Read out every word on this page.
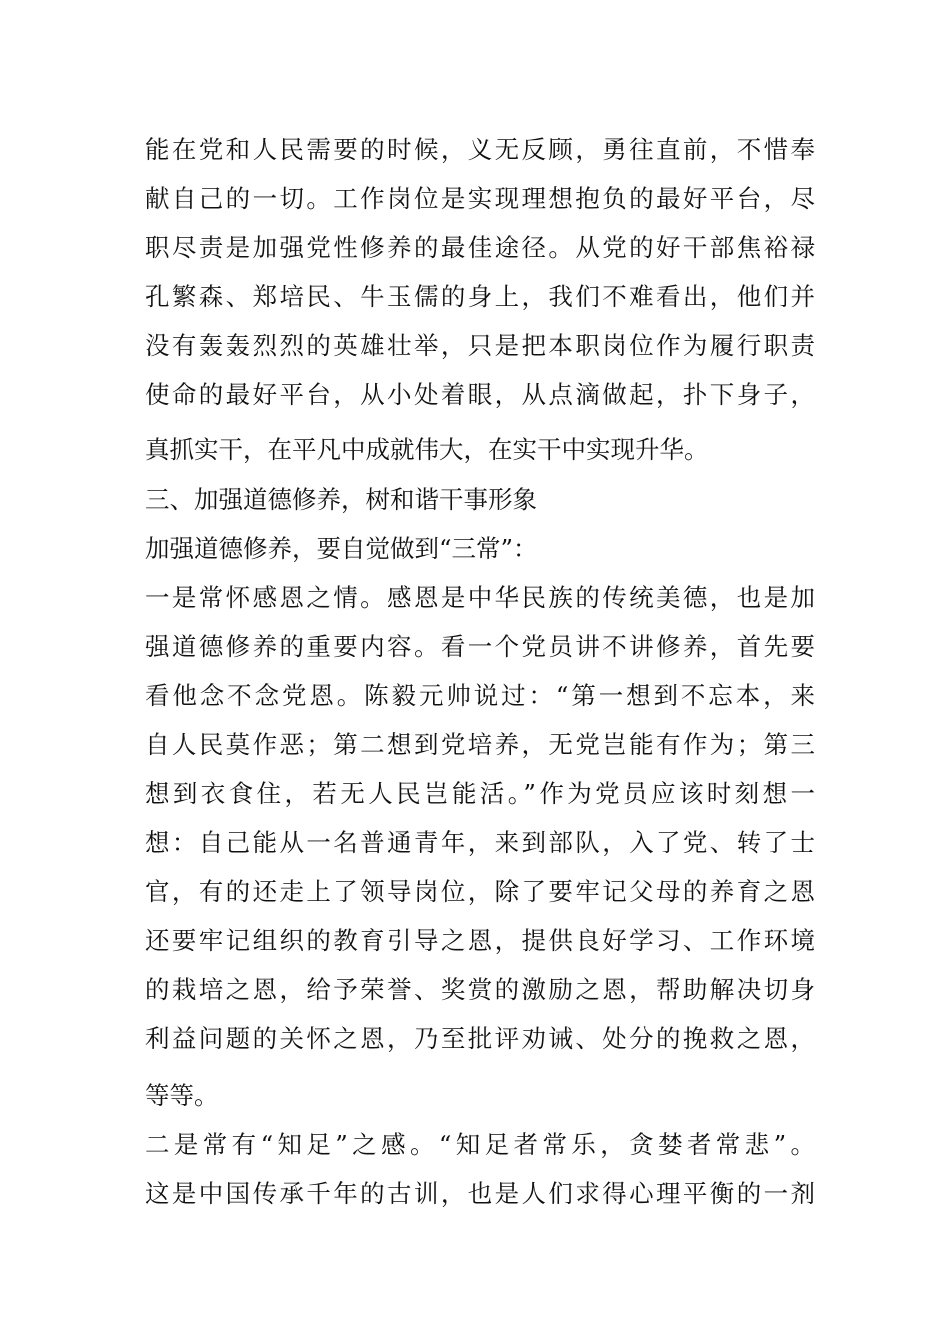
能在党和人民需要的时候，义无反顾，勇往直前，不惜奉
献自己的一切。工作岗位是实现理想抱负的最好平台，尽
职尽责是加强党性修养的最佳途径。从党的好干部焦裕禄
孔繁森、郑培民、牛玉儒的身上，我们不难看出，他们并
没有轰轰烈烈的英雄壮举，只是把本职岗位作为履行职责
使命的最好平台，从小处着眼，从点滴做起，扑下身子，
真抓实干，在平凡中成就伟大，在实干中实现升华。
三、加强道德修养，树和谐干事形象
加强道德修养，要自觉做到“三常”：
一是常怀感恩之情。感恩是中华民族的传统美德，也是加
强道德修养的重要内容。看一个党员讲不讲修养，首先要
看他念不念党恩。陈毅元帅说过：“第一想到不忘本，来
自人民莫作恶；第二想到党培养，无党岂能有作为；第三
想到衣食住，若无人民岂能活。”作为党员应该时刻想一
想：自己能从一名普通青年，来到部队，入了党、转了士
官，有的还走上了领导岗位，除了要牢记父母的养育之恩
还要牢记组织的教育引导之恩，提供良好学习、工作环境
的栽培之恩，给予荣誉、奖赏的激励之恩，帮助解决切身
利益问题的关怀之恩，乃至批评劝诫、处分的挽救之恩，
等等。
二是常有“知足”之感。“知足者常乐，贪婪者常悲”。
这是中国传承千年的古训，也是人们求得心理平衡的一剂
